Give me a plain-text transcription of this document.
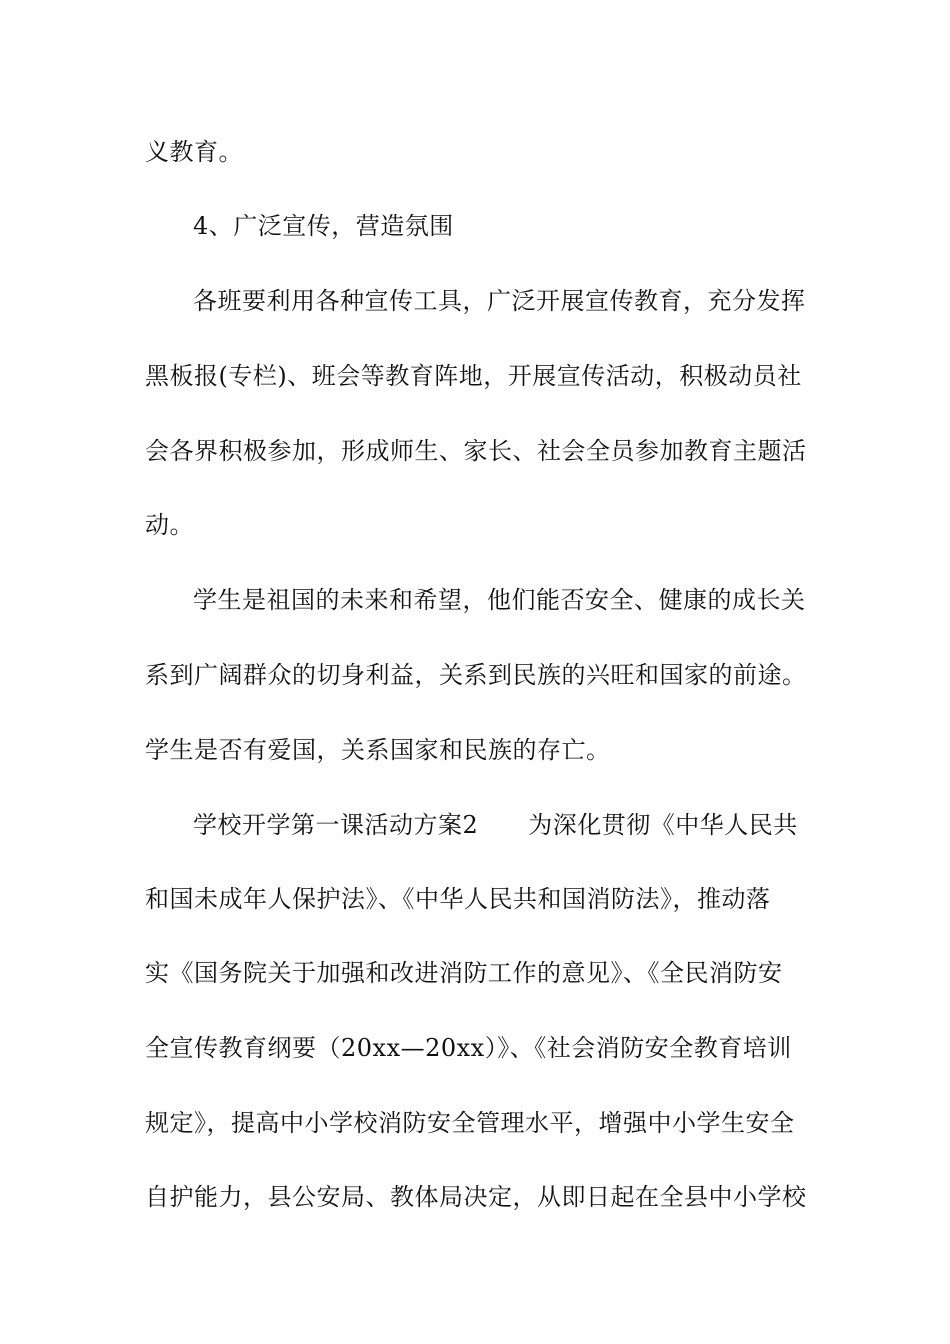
义教育。
4、广泛宣传，营造氛围
各班要利用各种宣传工具，广泛开展宣传教育，充分发挥
黑板报(专栏)、班会等教育阵地，开展宣传活动，积极动员社
会各界积极参加，形成师生、家长、社会全员参加教育主题活
动。
学生是祖国的未来和希望，他们能否安全、健康的成长关
系到广阔群众的切身利益，关系到民族的兴旺和国家的前途。
学生是否有爱国，关系国家和民族的存亡。
学校开学第一课活动方案2 为深化贯彻《中华人民共
和国未成年人保护法》、《中华人民共和国消防法》，推动落
实《国务院关于加强和改进消防工作的意见》、《全民消防安
全宣传教育纲要（20xx—20xx）》、《社会消防安全教育培训
规定》，提高中小学校消防安全管理水平，增强中小学生安全
自护能力，县公安局、教体局决定，从即日起在全县中小学校
